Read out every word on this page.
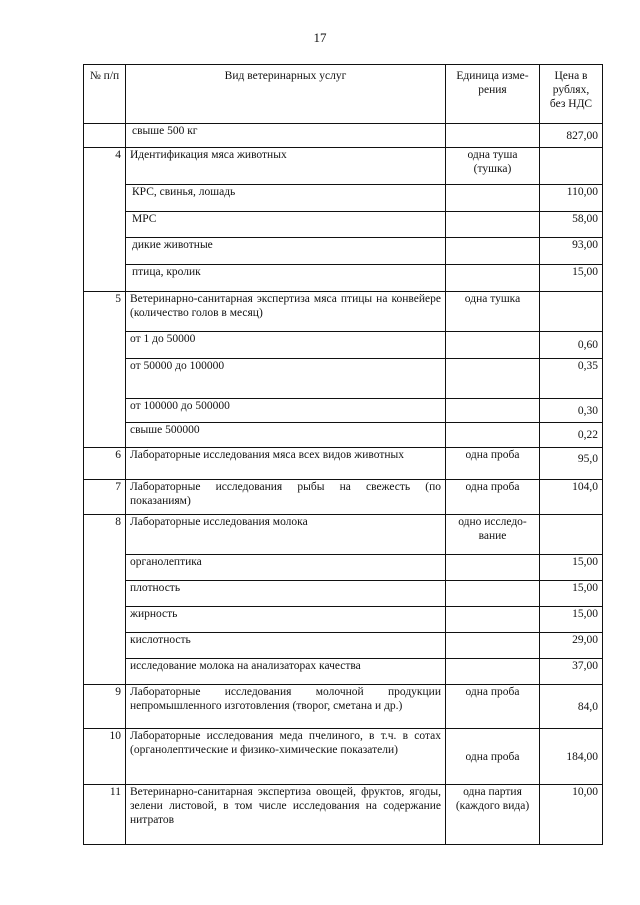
17
№ п/п	Вид ветеринарных услуг	Единица изме-рения	Цена в рублях, без НДС
	свыше 500 кг		827,00
4	Идентификация мяса животных	одна туша (тушка)	
	КРС, свинья, лошадь		110,00
	МРС		58,00
	дикие животные		93,00
	птица, кролик		15,00
5	Ветеринарно-санитарная экспертиза мяса птицы на конвейере (количество голов в месяц)	одна тушка	
	от 1 до 50000		0,60
	от 50000 до 100000		0,35
	от 100000 до 500000		0,30
	свыше 500000		0,22
6	Лабораторные исследования мяса всех видов животных	одна проба	95,0
7	Лабораторные исследования рыбы на свежесть (по показаниям)	одна проба	104,0
8	Лабораторные исследования молока	одно исследо-вание	
	органолептика		15,00
	плотность		15,00
	жирность		15,00
	кислотность		29,00
	исследование молока на анализаторах качества		37,00
9	Лабораторные исследования молочной продукции непромышленного изготовления (творог, сметана и др.)	одна проба	84,0
10	Лабораторные исследования меда пчелиного, в т.ч. в сотах (органолептические и физико-химические показатели)	одна проба	184,00
11	Ветеринарно-санитарная экспертиза овощей, фруктов, ягоды, зелени листовой, в том числе исследования на содержание нитратов	одна партия (каждого вида)	10,00
